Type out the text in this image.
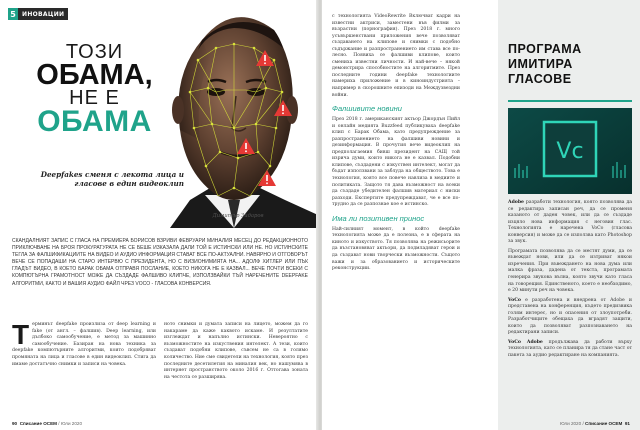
5	ИНОВАЦИИ
ТОЗИ
ОБАМА,
НЕ Е
ОБАМА
Deepfakes сменя с лекота лица и гласове в един видеоклип
Димитър Зидаров
СКАНДАЛНИЯТ ЗАПИС С ГЛАСА НА ПРЕМИЕРА БОРИСОВ ВЗРИВИ ФЕВРУАРИ МИНАЛИЯ МЕСЕЦ ДО РЕДАКЦИОННОТО ПРИКЛЮЧВАНЕ НА БРОЯ ПРОКУРАТУРАТА НЕ СЕ БЕШЕ ИЗКАЗАЛА ДАЛИ ТОЙ Е ИСТИНСКИ ИЛИ НЕ. НО ИСТИНСКИТЕ ТЕГЛА ЗА ФАЛШИФИКАЦИИТЕ НА ВИДЕО И АУДИО ИНФОРМАЦИЯ СТАВАТ ВСЕ ПО-АКТУАЛНИ. НАВЯРНО И ОТГОВОРЪТ ВЕЧЕ СЕ ПОПАДАШИ НА СТАРО ИНТЕРВЮ С ПРЕЗИДЕНТА, НО С ВИЗИОНИМИЯТА НА... АДОЛФ ХИТЛЕР ИЛИ ПЪК ГЛАДЪТ ВИДЕО, В КОЕТО БАРАК ОБАМА ОТПРАВЯ ПОСЛАНИЕ, КОЕТО НИКОГА НЕ Е КАЗВАЛ... ВЕЧЕ ПОЧТИ ВСЕКИ С КОМПЮТЪРНА ГРАМОТНОСТ МОЖЕ ДА СЪЗДАДЕ ФАЛШИВО КЛИПЧЕ, ИЗПОЛЗВАЙКИ ТЪЙ НАРЕЧЕНИТЕ DEEPFAKE АЛГОРИТМИ, КАКТО И ВАШИЯ АУДИО ФАЙЛ ЧРЕЗ VOCO - ГЛАСОВА КОНВЕРСИЯ.
Т ерминът deepfake произлиза от deep learning и fake (от англ. – фалшив). Deep learning, или дълбоко самообучение, е метод за машинно самообучение. Базиран на нова техника за deepfake компютърните алгоритми, които подобряват промяната на лица и гласове в един видеоклип. Стига да имаме достатъчно снимки и записи на човека.
ното снимки и думата записи на лицето, можем да го накараме да каже каквото искаме. И резултатите изглеждат и напълно истински. Невероятно с възможностите на изкуствения интелект. А тези, които създават подобни клипове, съвсем не са в голямо количество. Ние сме свидетели на технология, която през последните десетилетия на миналия век, но нашумява в интернет пространството около 2016 г. Оттогава зоната на честота се разширява.
90 Списание ОСЕМ / Юли 2020

с технологията VideoRewrite Включват кадри на известни актриси, заместени във филми за възрастни (порнография). През 2018 г. много усъвършенствани приложения вече позволяват създаването на клипове и снимки с подобно съдържание и разпространението им става все по-лесно. Появиха се фалшиви клипове, които смениха известни личности. И най-вече – някой демонстрира способностите на алгоритмите. През последните години deepfake технологиите намериха приложение и в киноиндустрията – например в скорошните епизоди на Междузвездни войни.

Фалшивите новини

През 2018 г. американският актьор Джордън Пийл и онлайн медията Buzzfeed публикуваха deepfake клип с Барак Обама, като предупреждение за разпространението на фалшиви новини и дезинформация. В прочутия вече видеоклип на предполагаемия бивш президент на САЩ той изрича думи, които никога не е казвал. Подобни клипове, създадени с изкуствен интелект, могат да бъдат използвани за заблуда на обществото. Това е технология, която все повече навлиза в медиите и политиката. Защото тя дава възможност на всеки да създаде убедителен фалшив материал с ниски разходи. Експертите предупреждават, че е все по-трудно да се разпознае кое е истинско.

Има ли позитивен принос

Най-силният момент, в който deepfake технологията може да е полезна, е в сферата на киното и изкуството. Тя позволява на режисьорите да възстановяват актьори, да подмладяват герои и да създават нови творчески възможности. Същото важи и за образованието и историческите реконструкции.

ПРОГРАМА ИМИТИРА ГЛАСОВЕ
Vc

Adobe разработи технология, която позволява да се редактира записан реч, да се променя казаното от даден човек, или да се създаде изцяло нова информация с неговия глас. Технологията е наречена VoCo (гласова конверсия) и може да се използва като Photoshop за звук.

Програмата позволява да се местят думи, да се въвеждат нови, или да се изтриват някои изречения. При въвеждането на нова дума или малка фраза, дадена от текста, програмата генерира звукова вълна, която звучи като гласа на говорещия. Единственото, което е необходимо, е 20 минути реч на човека.

VoCo е разработена и внедрена от Adobe и представена на конференция, където предизвика голям интерес, но и опасения от злоупотреби. Разработчиците обещаха да вградят защити, които да позволяват разпознаването на редактирани записи.

VoCo Adobe продължава да работи върху технологията, като се планира тя да стане част от пакета за аудио редактиране на компанията.

Юли 2020 / Списание ОСЕМ 91
